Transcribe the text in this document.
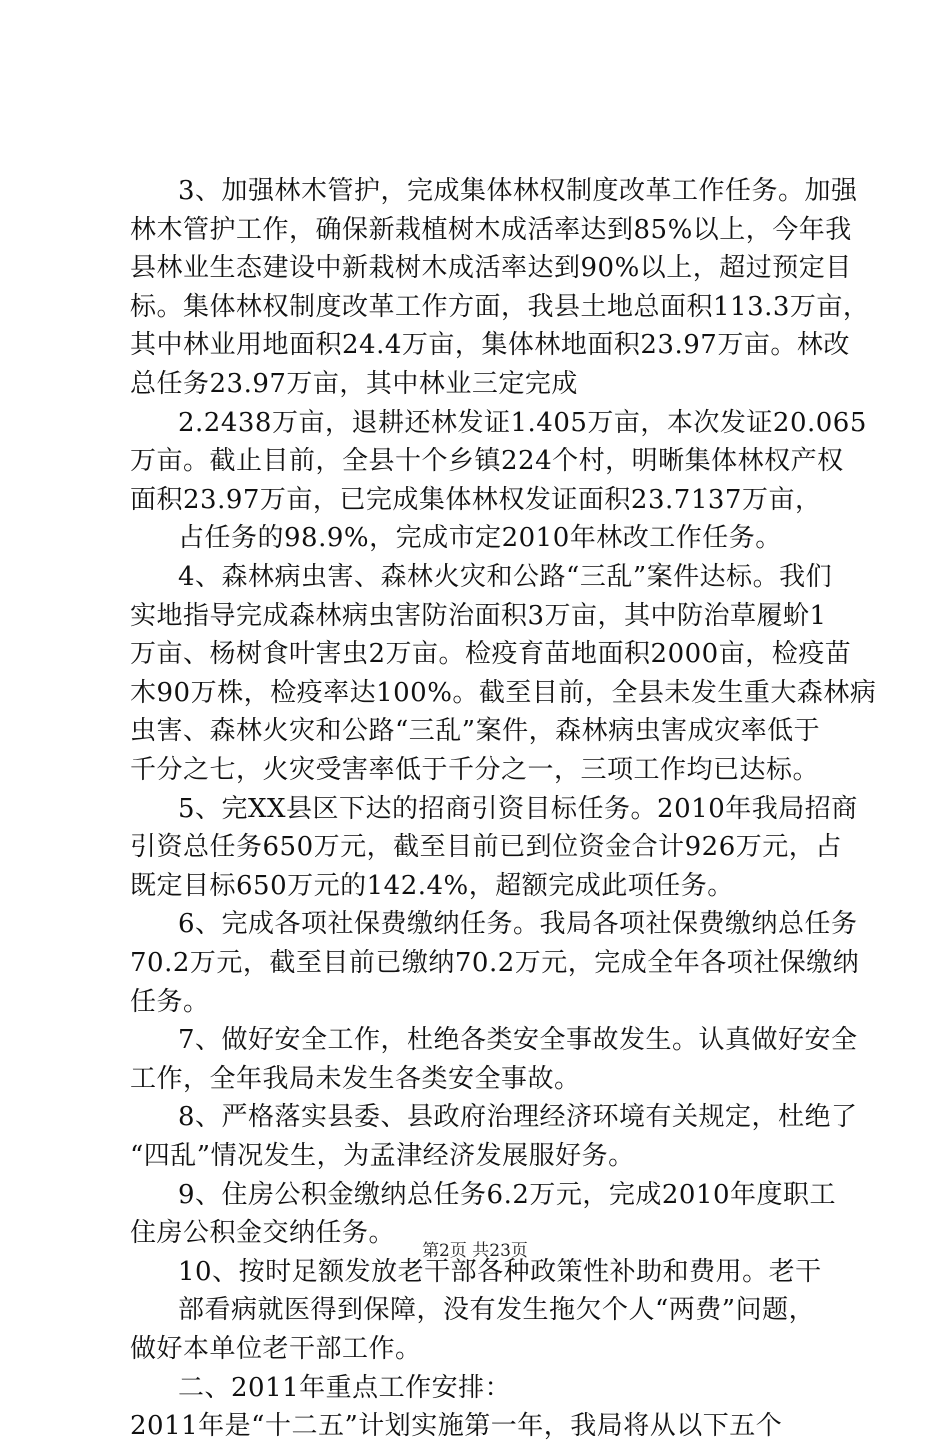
3、加强林木管护，完成集体林权制度改革工作任务。加强
林木管护工作，确保新栽植树木成活率达到85%以上，今年我
县林业生态建设中新栽树木成活率达到90%以上，超过预定目
标。集体林权制度改革工作方面，我县土地总面积113.3万亩，
其中林业用地面积24.4万亩，集体林地面积23.97万亩。林改
总任务23.97万亩，其中林业三定完成
2.2438万亩，退耕还林发证1.405万亩，本次发证20.065
万亩。截止目前，全县十个乡镇224个村，明晰集体林权产权
面积23.97万亩，已完成集体林权发证面积23.7137万亩，
占任务的98.9%，完成市定2010年林改工作任务。
4、森林病虫害、森林火灾和公路“三乱”案件达标。我们
实地指导完成森林病虫害防治面积3万亩，其中防治草履蚧1
万亩、杨树食叶害虫2万亩。检疫育苗地面积2000亩，检疫苗
木90万株，检疫率达100%。截至目前，全县未发生重大森林病
虫害、森林火灾和公路“三乱”案件，森林病虫害成灾率低于
千分之七，火灾受害率低于千分之一，三项工作均已达标。
5、完XX县区下达的招商引资目标任务。2010年我局招商
引资总任务650万元，截至目前已到位资金合计926万元，占
既定目标650万元的142.4%，超额完成此项任务。
6、完成各项社保费缴纳任务。我局各项社保费缴纳总任务
70.2万元，截至目前已缴纳70.2万元，完成全年各项社保缴纳
任务。
7、做好安全工作，杜绝各类安全事故发生。认真做好安全
工作，全年我局未发生各类安全事故。
8、严格落实县委、县政府治理经济环境有关规定，杜绝了
“四乱”情况发生，为孟津经济发展服好务。
9、住房公积金缴纳总任务6.2万元，完成2010年度职工
住房公积金交纳任务。
10、按时足额发放老干部各种政策性补助和费用。老干
部看病就医得到保障，没有发生拖欠个人“两费”问题，
做好本单位老干部工作。
二、2011年重点工作安排：
2011年是“十二五”计划实施第一年，我局将从以下五个
第2页 共23页
